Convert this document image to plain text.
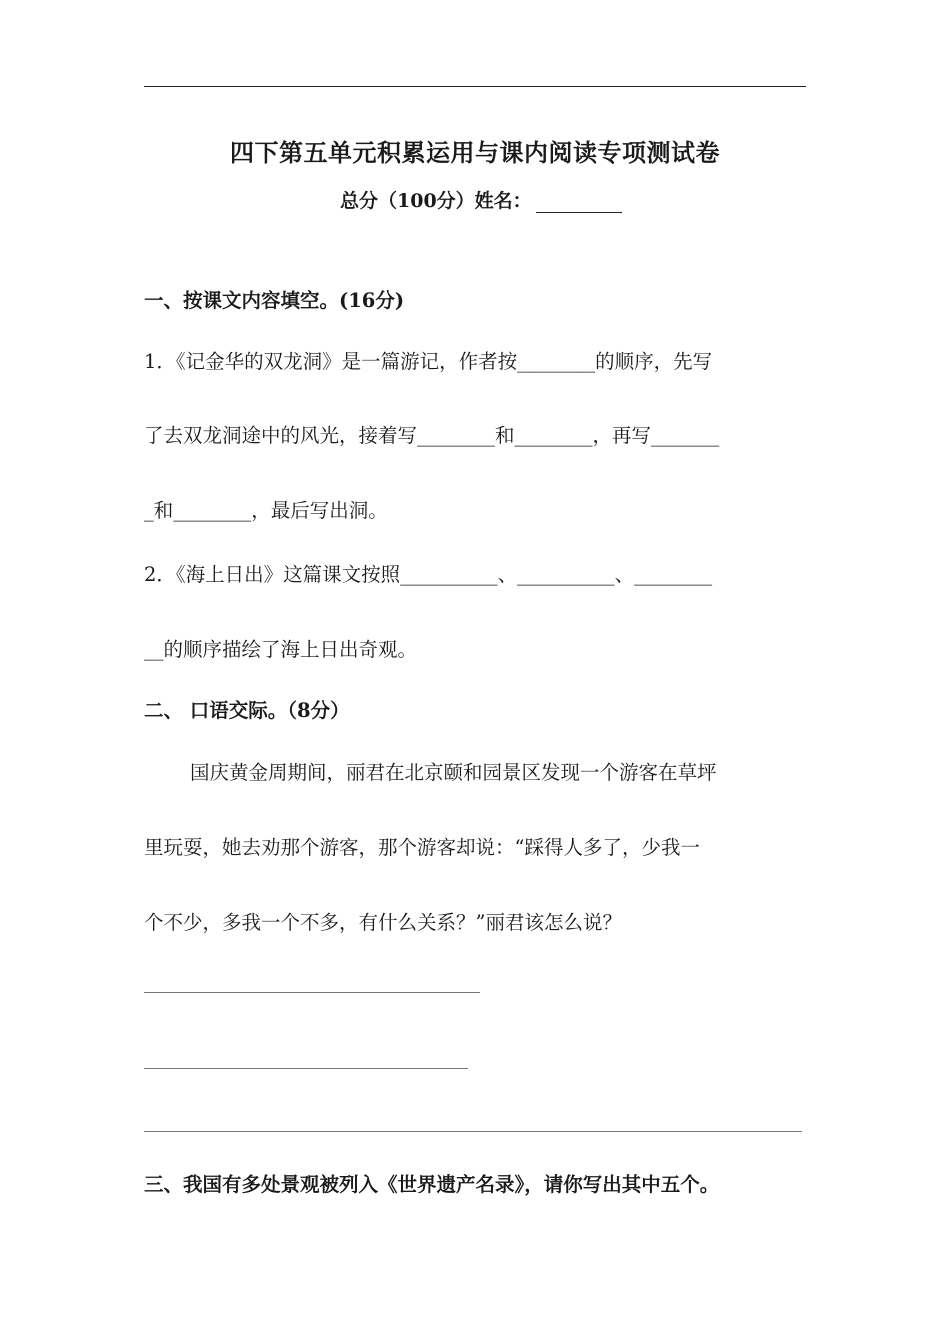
四下第五单元积累运用与课内阅读专项测试卷
总分（100分）姓名：
一、按课文内容填空。(16分)
1．《记金华的双龙洞》是一篇游记，作者按________的顺序，先写
了去双龙洞途中的风光，接着写________和________，再写_______
_和________，最后写出洞。
2．《海上日出》这篇课文按照__________、__________、________
__的顺序描绘了海上日出奇观。
二、 口语交际。（8分）
国庆黄金周期间，丽君在北京颐和园景区发现一个游客在草坪
里玩耍，她去劝那个游客，那个游客却说：“踩得人多了，少我一
个不少，多我一个不多，有什么关系？”丽君该怎么说？
三、我国有多处景观被列入《世界遗产名录》，请你写出其中五个。
